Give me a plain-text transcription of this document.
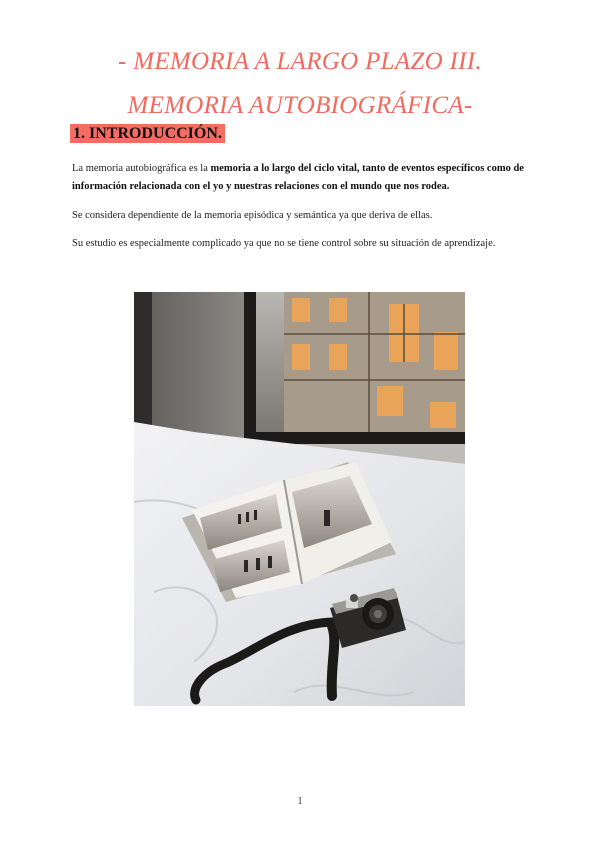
- MEMORIA A LARGO PLAZO III.
MEMORIA AUTOBIOGRÁFICA-
1. INTRODUCCIÓN.
La memoria autobiográfica es la memoria a lo largo del ciclo vital, tanto de eventos específicos como de información relacionada con el yo y nuestras relaciones con el mundo que nos rodea.
Se considera dependiente de la memoria episódica y semántica ya que deriva de ellas.
Su estudio es especialmente complicado ya que no se tiene control sobre su situación de aprendizaje.
1
